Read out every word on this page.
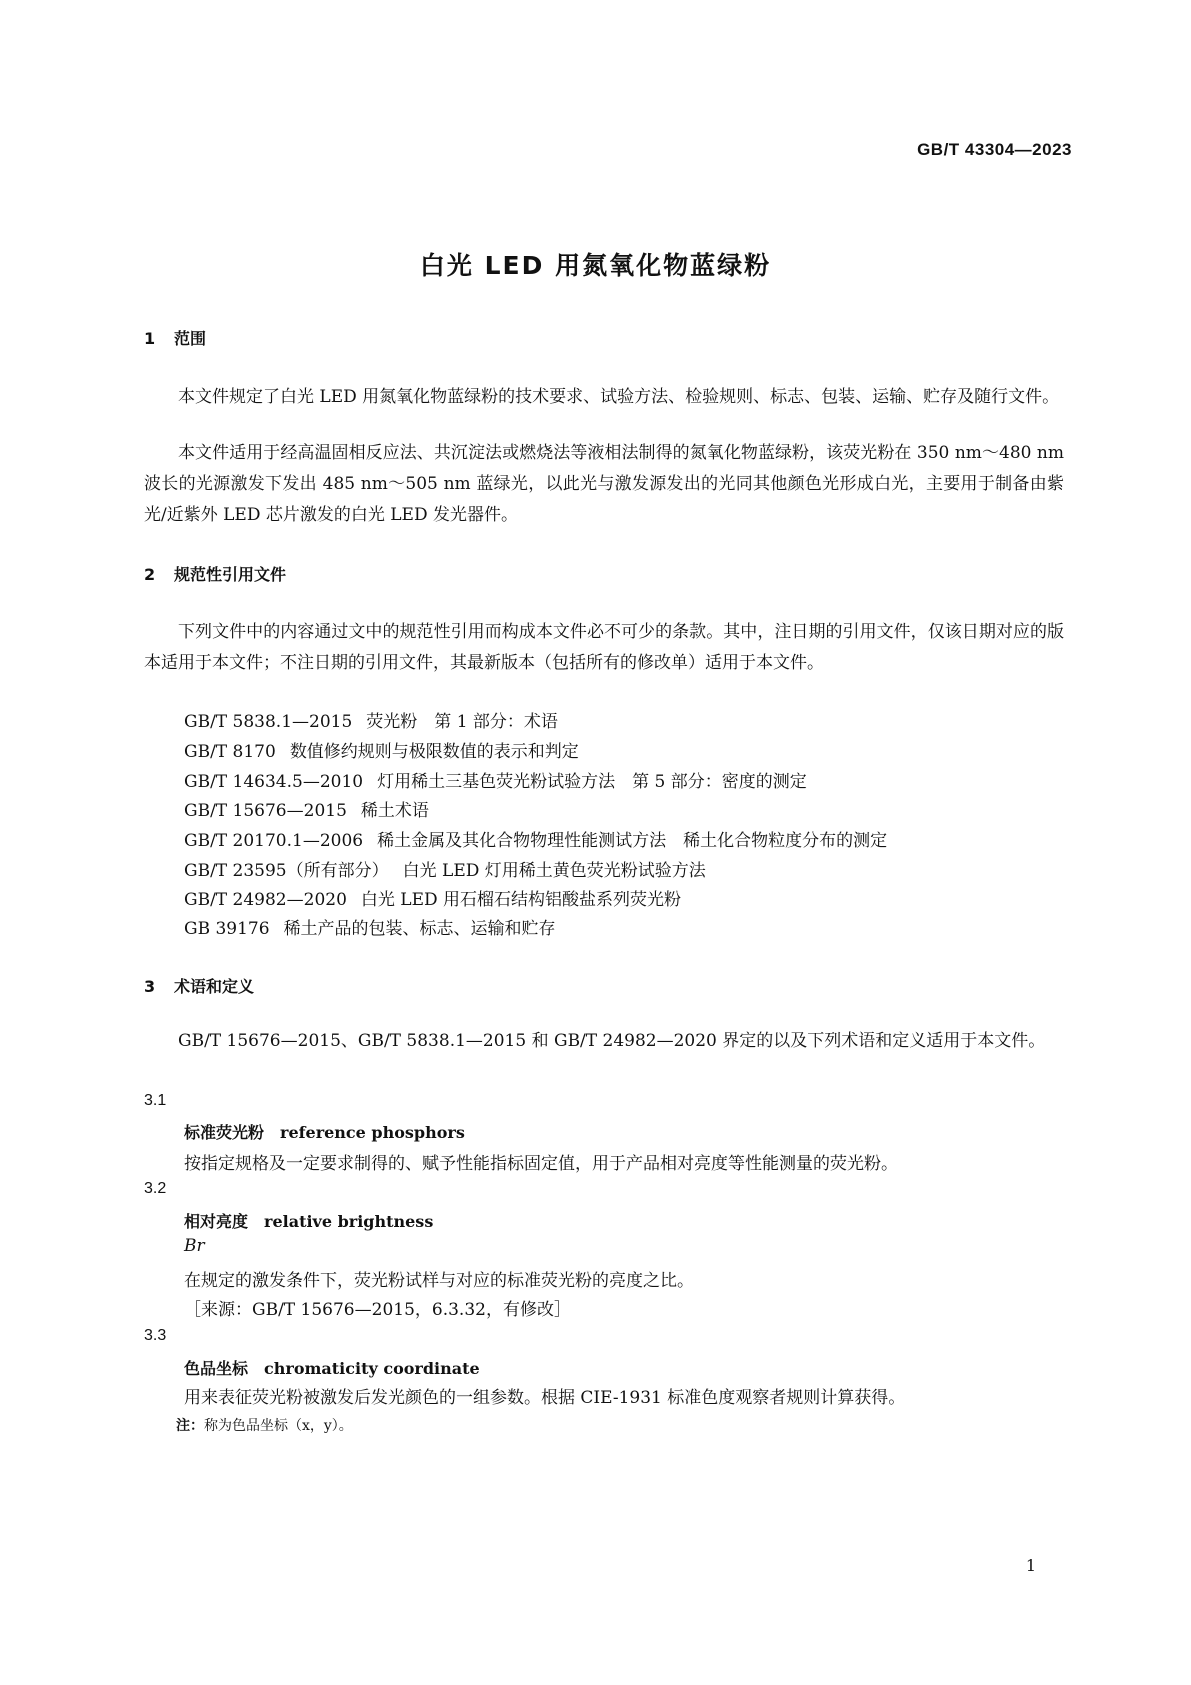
GB/T 43304—2023
白光 LED 用氮氧化物蓝绿粉
1 范围
本文件规定了白光 LED 用氮氧化物蓝绿粉的技术要求、试验方法、检验规则、标志、包装、运输、贮存及随行文件。
本文件适用于经高温固相反应法、共沉淀法或燃烧法等液相法制得的氮氧化物蓝绿粉，该荧光粉在 350 nm～480 nm 波长的光源激发下发出 485 nm～505 nm 蓝绿光，以此光与激发源发出的光同其他颜色光形成白光，主要用于制备由紫光/近紫外 LED 芯片激发的白光 LED 发光器件。
2 规范性引用文件
下列文件中的内容通过文中的规范性引用而构成本文件必不可少的条款。其中，注日期的引用文件，仅该日期对应的版本适用于本文件；不注日期的引用文件，其最新版本（包括所有的修改单）适用于本文件。
GB/T 5838.1—2015 荧光粉　第 1 部分：术语
GB/T 8170 数值修约规则与极限数值的表示和判定
GB/T 14634.5—2010 灯用稀土三基色荧光粉试验方法　第 5 部分：密度的测定
GB/T 15676—2015 稀土术语
GB/T 20170.1—2006 稀土金属及其化合物物理性能测试方法　稀土化合物粒度分布的测定
GB/T 23595（所有部分） 白光 LED 灯用稀土黄色荧光粉试验方法
GB/T 24982—2020 白光 LED 用石榴石结构铝酸盐系列荧光粉
GB 39176 稀土产品的包装、标志、运输和贮存
3 术语和定义
GB/T 15676—2015、GB/T 5838.1—2015 和 GB/T 24982—2020 界定的以及下列术语和定义适用于本文件。
3.1
标准荧光粉 reference phosphors
按指定规格及一定要求制得的、赋予性能指标固定值，用于产品相对亮度等性能测量的荧光粉。
3.2
相对亮度 relative brightness
Br
在规定的激发条件下，荧光粉试样与对应的标准荧光粉的亮度之比。
［来源：GB/T 15676—2015，6.3.32，有修改］
3.3
色品坐标 chromaticity coordinate
用来表征荧光粉被激发后发光颜色的一组参数。根据 CIE-1931 标准色度观察者规则计算获得。
注：称为色品坐标（x，y）。
1
